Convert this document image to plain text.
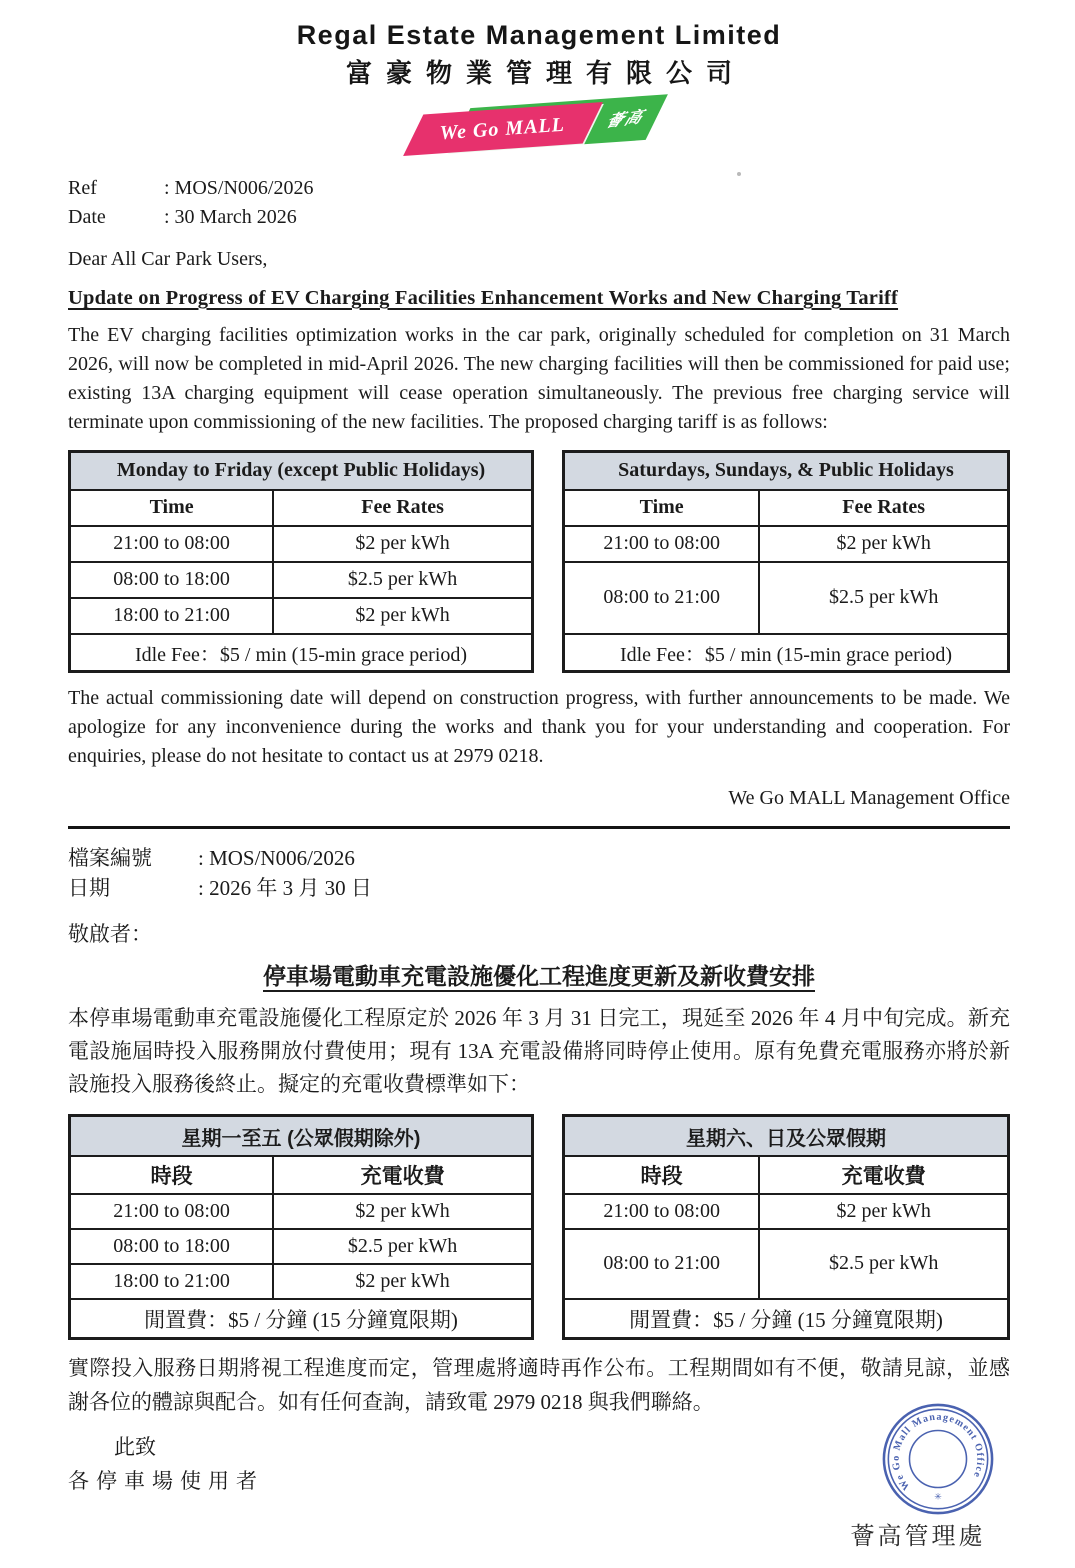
Regal Estate Management Limited
富豪物業管理有限公司
薈高
We Go MALL
Ref	: MOS/N006/2026
Date	: 30 March 2026
Dear All Car Park Users,
Update on Progress of EV Charging Facilities Enhancement Works and New Charging Tariff
The EV charging facilities optimization works in the car park, originally scheduled for completion on 31 March 2026, will now be completed in mid-April 2026. The new charging facilities will then be commissioned for paid use; existing 13A charging equipment will cease operation simultaneously. The previous free charging service will terminate upon commissioning of the new facilities. The proposed charging tariff is as follows:
Monday to Friday (except Public Holidays)	
Time	Fee Rates
21:00 to 08:00	$2 per kWh
08:00 to 18:00	$2.5 per kWh
18:00 to 21:00	$2 per kWh
Idle Fee：$5 / min (15-min grace period)	
Saturdays, Sundays, & Public Holidays	
Time	Fee Rates
21:00 to 08:00	$2 per kWh
08:00 to 21:00	$2.5 per kWh
Idle Fee：$5 / min (15-min grace period)	
The actual commissioning date will depend on construction progress, with further announcements to be made. We apologize for any inconvenience during the works and thank you for your understanding and cooperation. For enquiries, please do not hesitate to contact us at 2979 0218.
We Go MALL Management Office
檔案編號	: MOS/N006/2026
日期	: 2026 年 3 月 30 日
敬啟者：
停車場電動車充電設施優化工程進度更新及新收費安排
本停車場電動車充電設施優化工程原定於 2026 年 3 月 31 日完工，現延至 2026 年 4 月中旬完成。新充電設施屆時投入服務開放付費使用；現有 13A 充電設備將同時停止使用。原有免費充電服務亦將於新設施投入服務後終止。擬定的充電收費標準如下：
星期一至五 (公眾假期除外)	
時段	充電收費
21:00 to 08:00	$2 per kWh
08:00 to 18:00	$2.5 per kWh
18:00 to 21:00	$2 per kWh
閒置費：$5 / 分鐘 (15 分鐘寬限期)	
星期六、日及公眾假期	
時段	充電收費
21:00 to 08:00	$2 per kWh
08:00 to 21:00	$2.5 per kWh
閒置費：$5 / 分鐘 (15 分鐘寬限期)	
實際投入服務日期將視工程進度而定，管理處將適時再作公布。工程期間如有不便，敬請見諒，並感謝各位的體諒與配合。如有任何查詢，請致電 2979 0218 與我們聯絡。
此致
各停車場使用者	We Go Mall Management Office
✳
薈高管理處
